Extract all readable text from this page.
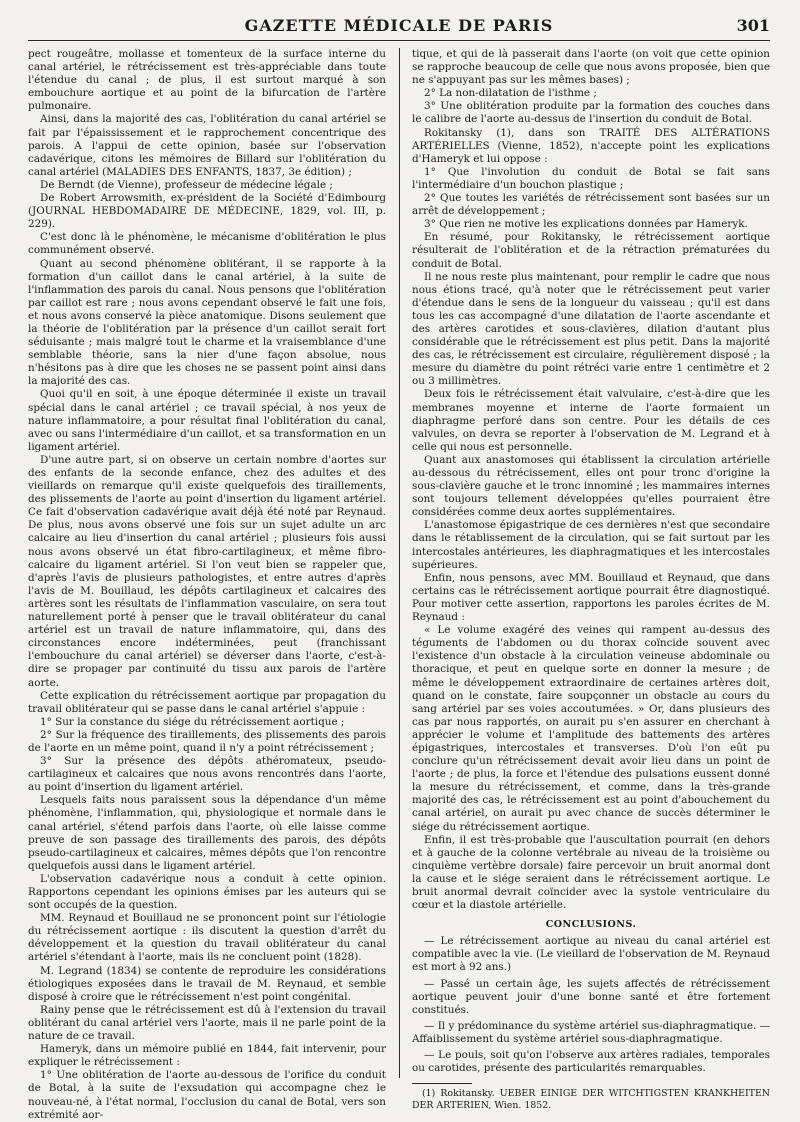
GAZETTE MÉDICALE DE PARIS	301

pect rougeâtre, mollasse et tomenteux de la surface interne du canal artériel, le rétrécissement est très-appréciable dans toute l'étendue du canal ; de plus, il est surtout marqué à son embouchure aortique et au point de la bifurcation de l'artère pulmonaire.

Ainsi, dans la majorité des cas, l'oblitération du canal artériel se fait par l'épaississement et le rapprochement concentrique des parois. A l'appui de cette opinion, basée sur l'observation cadavérique, citons les mémoires de Billard sur l'oblitération du canal artériel (MALADIES DES ENFANTS, 1837, 3e édition) ;

De Berndt (de Vienne), professeur de médecine légale ;

De Robert Arrowsmith, ex-président de la Société d'Edimbourg (JOURNAL HEBDOMADAIRE DE MÉDECINE, 1829, vol. III, p. 229).

C'est donc là le phénomène, le mécanisme d'oblitération le plus communément observé.

Quant au second phénomène oblitérant, il se rapporte à la formation d'un caillot dans le canal artériel, à la suite de l'inflammation des parois du canal. Nous pensons que l'oblitération par caillot est rare ; nous avons cependant observé le fait une fois, et nous avons conservé la pièce anatomique. Disons seulement que la théorie de l'oblitération par la présence d'un caillot serait fort séduisante ; mais malgré tout le charme et la vraisemblance d'une semblable théorie, sans la nier d'une façon absolue, nous n'hésitons pas à dire que les choses ne se passent point ainsi dans la majorité des cas.

Quoi qu'il en soit, à une époque déterminée il existe un travail spécial dans le canal artériel ; ce travail spécial, à nos yeux de nature inflammatoire, a pour résultat final l'oblitération du canal, avec ou sans l'intermédiaire d'un caillot, et sa transformation en un ligament artériel.

D'une autre part, si on observe un certain nombre d'aortes sur des enfants de la seconde enfance, chez des adultes et des vieillards on remarque qu'il existe quelquefois des tiraillements, des plissements de l'aorte au point d'insertion du ligament artériel. Ce fait d'observation cadavérique avait déjà été noté par Reynaud. De plus, nous avons observé une fois sur un sujet adulte un arc calcaire au lieu d'insertion du canal artériel ; plusieurs fois aussi nous avons observé un état fibro-cartilagineux, et même fibro-calcaire du ligament artériel. Si l'on veut bien se rappeler que, d'après l'avis de plusieurs pathologistes, et entre autres d'après l'avis de M. Bouillaud, les dépôts cartilagineux et calcaires des artères sont les résultats de l'inflammation vasculaire, on sera tout naturellement porté à penser que le travail oblitérateur du canal artériel est un travail de nature inflammatoire, qui, dans des circonstances encore indéterminées, peut (franchissant l'embouchure du canal artériel) se déverser dans l'aorte, c'est-à-dire se propager par continuité du tissu aux parois de l'artère aorte.

Cette explication du rétrécissement aortique par propagation du travail oblitérateur qui se passe dans le canal artériel s'appuie :

1° Sur la constance du siége du rétrécissement aortique ;

2° Sur la fréquence des tiraillements, des plissements des parois de l'aorte en un même point, quand il n'y a point rétrécissement ;

3° Sur la présence des dépôts athéromateux, pseudo-cartilagineux et calcaires que nous avons rencontrés dans l'aorte, au point d'insertion du ligament artériel.

Lesquels faits nous paraissent sous la dépendance d'un même phénomène, l'inflammation, qui, physiologique et normale dans le canal artériel, s'étend parfois dans l'aorte, où elle laisse comme preuve de son passage des tiraillements des parois, des dépôts pseudo-cartilagineux et calcaires, mêmes dépôts que l'on rencontre quelquefois aussi dans le ligament artériel.

L'observation cadavérique nous a conduit à cette opinion. Rapportons cependant les opinions émises par les auteurs qui se sont occupés de la question.

MM. Reynaud et Bouillaud ne se prononcent point sur l'étiologie du rétrécissement aortique : ils discutent la question d'arrêt du développement et la question du travail oblitérateur du canal artériel s'étendant à l'aorte, mais ils ne concluent point (1828).

M. Legrand (1834) se contente de reproduire les considérations étiologiques exposées dans le travail de M. Reynaud, et semble disposé à croire que le rétrécissement n'est point congénital.

Rainy pense que le rétrécissement est dû à l'extension du travail oblitérant du canal artériel vers l'aorte, mais il ne parle point de la nature de ce travail.

Hameryk, dans un mémoire publié en 1844, fait intervenir, pour expliquer le rétrécissement :

1° Une oblitération de l'aorte au-dessous de l'orifice du conduit de Botal, à la suite de l'exsudation qui accompagne chez le nouveau-né, à l'état normal, l'occlusion du canal de Botal, vers son extrémité aor-

tique, et qui de là passerait dans l'aorte (on voit que cette opinion se rapproche beaucoup de celle que nous avons proposée, bien que ne s'appuyant pas sur les mêmes bases) ;

2° La non-dilatation de l'isthme ;

3° Une oblitération produite par la formation des couches dans le calibre de l'aorte au-dessus de l'insertion du conduit de Botal.

Rokitansky (1), dans son TRAITÉ DES ALTÉRATIONS ARTÉRIELLES (Vienne, 1852), n'accepte point les explications d'Hameryk et lui oppose :

1° Que l'involution du conduit de Botal se fait sans l'intermédiaire d'un bouchon plastique ;

2° Que toutes les variétés de rétrécissement sont basées sur un arrêt de développement ;

3° Que rien ne motive les explications données par Hameryk.

En résumé, pour Rokitansky, le rétrécissement aortique résulterait de l'oblitération et de la rétraction prématurées du conduit de Botal.

Il ne nous reste plus maintenant, pour remplir le cadre que nous nous étions tracé, qu'à noter que le rétrécissement peut varier d'étendue dans le sens de la longueur du vaisseau ; qu'il est dans tous les cas accompagné d'une dilatation de l'aorte ascendante et des artères carotides et sous-clavières, dilation d'autant plus considérable que le rétrécissement est plus petit. Dans la majorité des cas, le rétrécissement est circulaire, régulièrement disposé ; la mesure du diamètre du point rétréci varie entre 1 centimètre et 2 ou 3 millimètres.

Deux fois le rétrécissement était valvulaire, c'est-à-dire que les membranes moyenne et interne de l'aorte formaient un diaphragme perforé dans son centre. Pour les détails de ces valvules, on devra se reporter à l'observation de M. Legrand et à celle qui nous est personnelle.

Quant aux anastomoses qui établissent la circulation artérielle au-dessous du rétrécissement, elles ont pour tronc d'origine la sous-clavière gauche et le tronc innominé ; les mammaires internes sont toujours tellement développées qu'elles pourraient être considérées comme deux aortes supplémentaires.

L'anastomose épigastrique de ces dernières n'est que secondaire dans le rétablissement de la circulation, qui se fait surtout par les intercostales antérieures, les diaphragmatiques et les intercostales supérieures.

Enfin, nous pensons, avec MM. Bouillaud et Reynaud, que dans certains cas le rétrécissement aortique pourrait être diagnostiqué. Pour motiver cette assertion, rapportons les paroles écrites de M. Reynaud :

« Le volume exagéré des veines qui rampent au-dessus des téguments de l'abdomen ou du thorax coïncide souvent avec l'existence d'un obstacle à la circulation veineuse abdominale ou thoracique, et peut en quelque sorte en donner la mesure ; de même le développement extraordinaire de certaines artères doit, quand on le constate, faire soupçonner un obstacle au cours du sang artériel par ses voies accoutumées. » Or, dans plusieurs des cas par nous rapportés, on aurait pu s'en assurer en cherchant à apprécier le volume et l'amplitude des battements des artères épigastriques, intercostales et transverses. D'où l'on eût pu conclure qu'un rétrécissement devait avoir lieu dans un point de l'aorte ; de plus, la force et l'étendue des pulsations eussent donné la mesure du rétrécissement, et comme, dans la très-grande majorité des cas, le rétrécissement est au point d'abouchement du canal artériel, on aurait pu avec chance de succès déterminer le siége du rétrécissement aortique.

Enfin, il est très-probable que l'auscultation pourrait (en dehors et à gauche de la colonne vertébrale au niveau de la troisième ou cinquième vertèbre dorsale) faire percevoir un bruit anormal dont la cause et le siége seraient dans le rétrécissement aortique. Le bruit anormal devrait coïncider avec la systole ventriculaire du cœur et la diastole artérielle.

CONCLUSIONS.

— Le rétrécissement aortique au niveau du canal artériel est compatible avec la vie. (Le vieillard de l'observation de M. Reynaud est mort à 92 ans.)

— Passé un certain âge, les sujets affectés de rétrécissement aortique peuvent jouir d'une bonne santé et être fortement constitués.

— Il y prédominance du système artériel sus-diaphragmatique. — Affaiblissement du système artériel sous-diaphragmatique.

— Le pouls, soit qu'on l'observe aux artères radiales, temporales ou carotides, présente des particularités remarquables.

(1) Rokitansky. UEBER EINIGE DER WITCHTIGSTEN KRANKHEITEN DER ARTERIEN, Wien. 1852.
